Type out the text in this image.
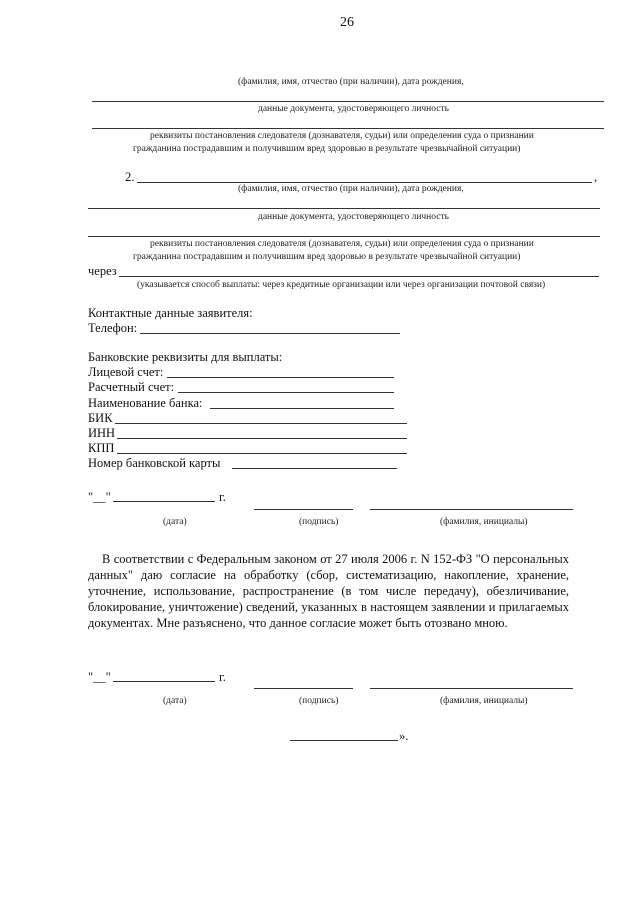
26
(фамилия, имя, отчество (при наличии), дата рождения,
данные документа, удостоверяющего личность
реквизиты постановления следователя (дознавателя, судьи) или определения суда о признании
гражданина пострадавшим и получившим вред здоровью в результате чрезвычайной ситуации)
2.	,
(фамилия, имя, отчество (при наличии), дата рождения,
данные документа, удостоверяющего личность
реквизиты постановления следователя (дознавателя, судьи) или определения суда о признании
гражданина пострадавшим и получившим вред здоровью в результате чрезвычайной ситуации)
через
(указывается способ выплаты: через кредитные организации или через организации почтовой связи)
Контактные данные заявителя:
Телефон:
Банковские реквизиты для выплаты:
Лицевой счет:
Расчетный счет:
Наименование банка:
БИК
ИНН
КПП
Номер банковской карты
"__"	г.
(дата)	(подпись)	(фамилия, инициалы)
В соответствии с Федеральным законом от 27 июля 2006 г. N 152-ФЗ "О персональных данных" даю согласие на обработку (сбор, систематизацию, накопление, хранение, уточнение, использование, распространение (в том числе передачу), обезличивание, блокирование, уничтожение) сведений, указанных в настоящем заявлении и прилагаемых документах. Мне разъяснено, что данное согласие может быть отозвано мною.
"__"	г.
(дата)	(подпись)	(фамилия, инициалы)
».
